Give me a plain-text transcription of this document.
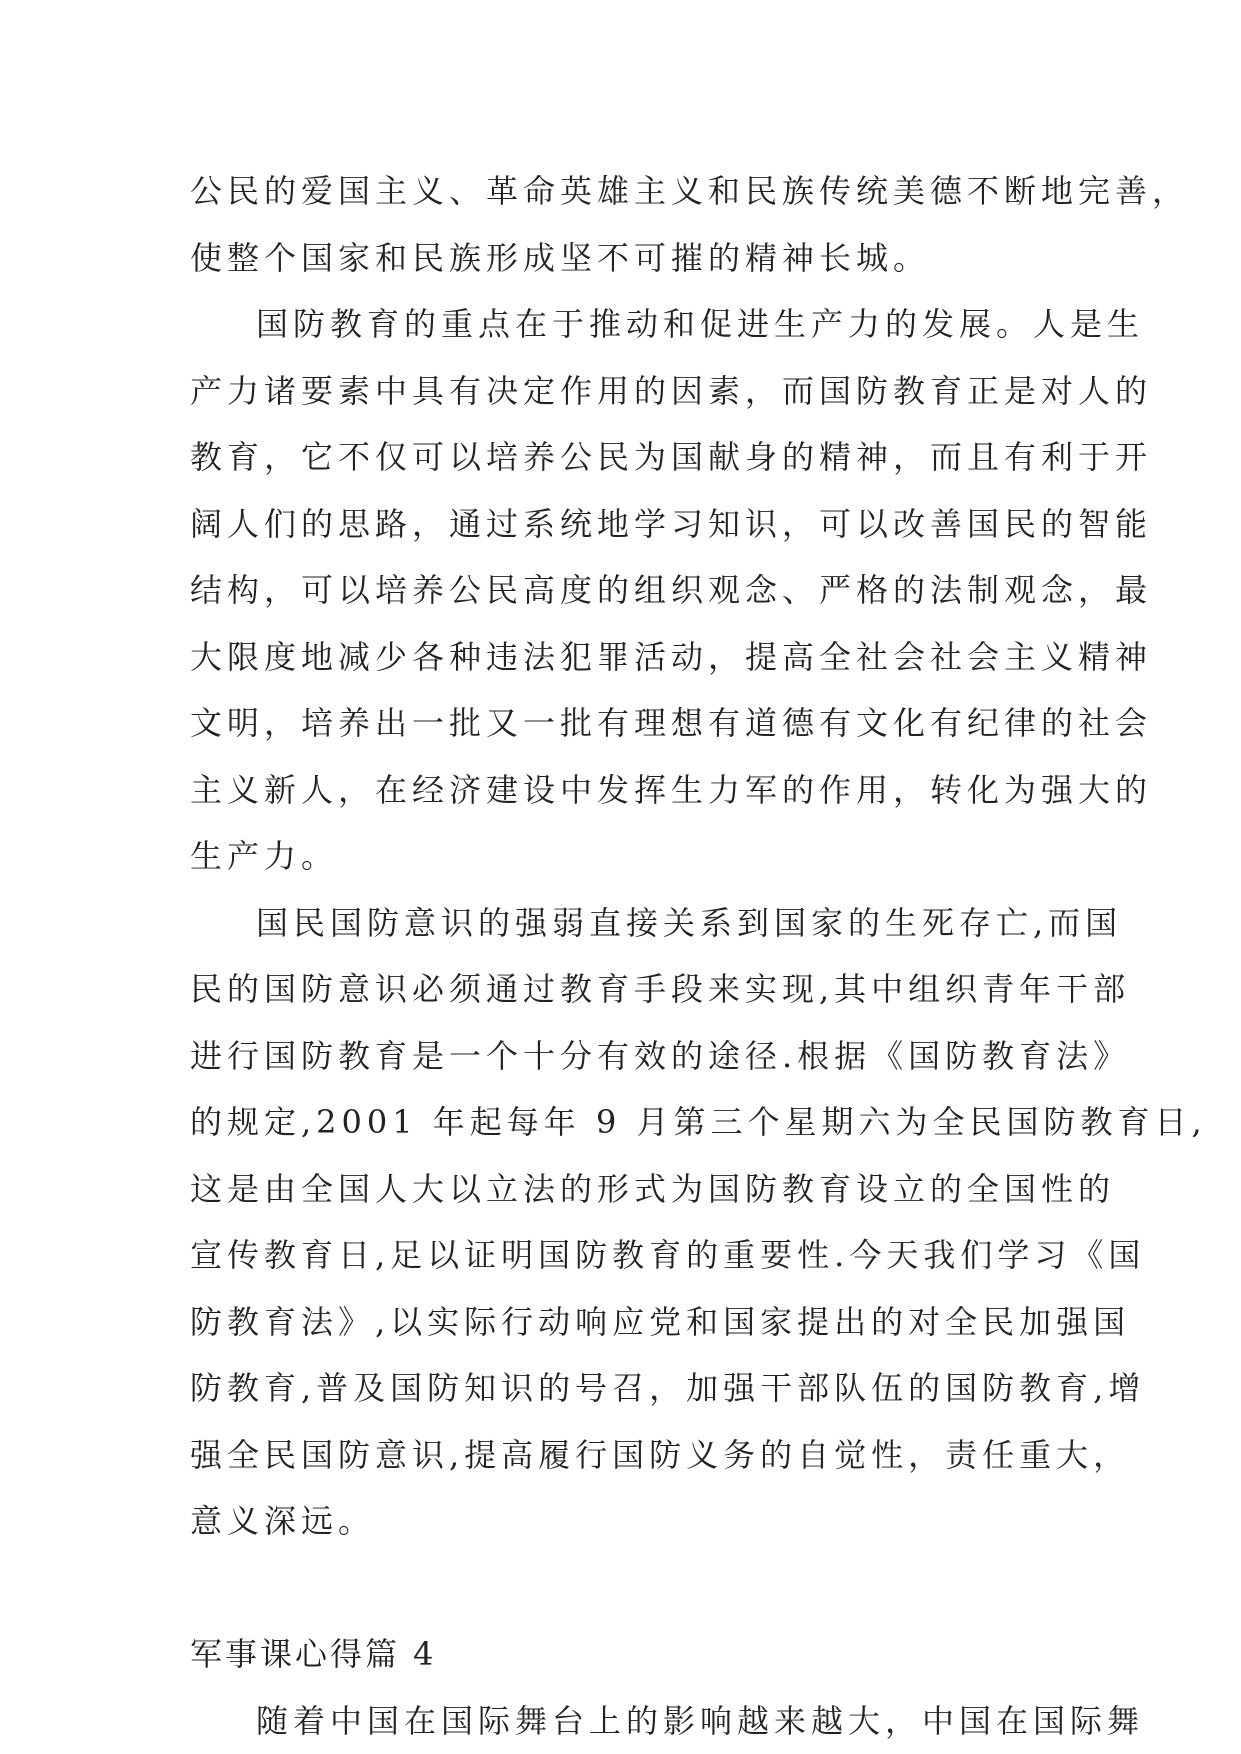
公民的爱国主义、革命英雄主义和民族传统美德不断地完善，
使整个国家和民族形成坚不可摧的精神长城。
国防教育的重点在于推动和促进生产力的发展。人是生
产力诸要素中具有决定作用的因素，而国防教育正是对人的
教育，它不仅可以培养公民为国献身的精神，而且有利于开
阔人们的思路，通过系统地学习知识，可以改善国民的智能
结构，可以培养公民高度的组织观念、严格的法制观念，最
大限度地减少各种违法犯罪活动，提高全社会社会主义精神
文明，培养出一批又一批有理想有道德有文化有纪律的社会
主义新人，在经济建设中发挥生力军的作用，转化为强大的
生产力。
国民国防意识的强弱直接关系到国家的生死存亡,而国
民的国防意识必须通过教育手段来实现,其中组织青年干部
进行国防教育是一个十分有效的途径.根据《国防教育法》
的规定,2001 年起每年 9 月第三个星期六为全民国防教育日,
这是由全国人大以立法的形式为国防教育设立的全国性的
宣传教育日,足以证明国防教育的重要性.今天我们学习《国
防教育法》,以实际行动响应党和国家提出的对全民加强国
防教育,普及国防知识的号召，加强干部队伍的国防教育,增
强全民国防意识,提高履行国防义务的自觉性，责任重大，
意义深远。
军事课心得篇 4
随着中国在国际舞台上的影响越来越大，中国在国际舞
